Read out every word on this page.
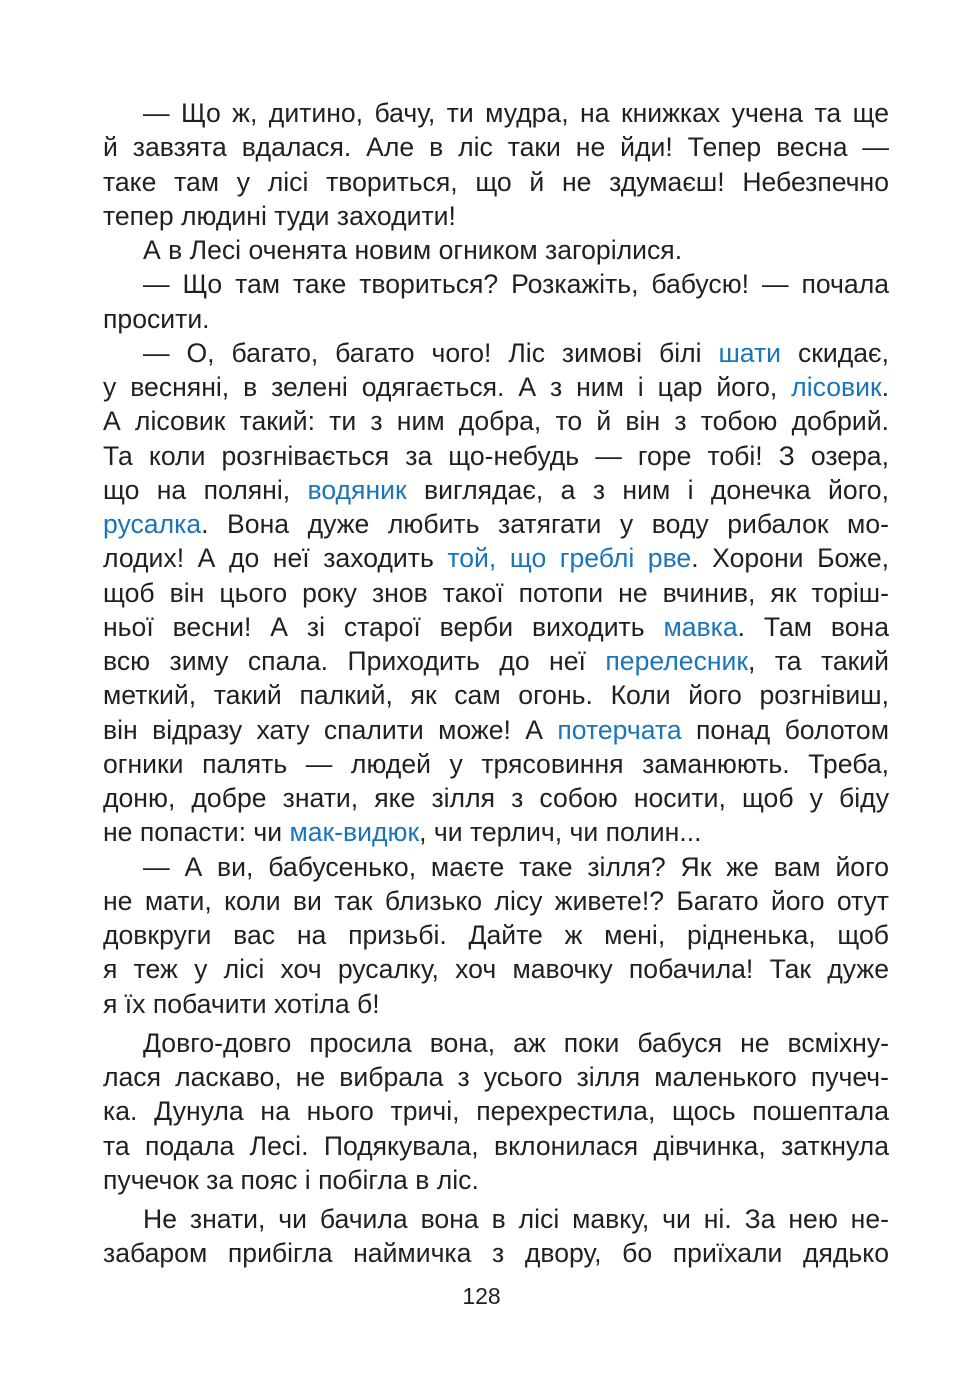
— Що ж, дитино, бачу, ти мудра, на книжках учена та ще
й завзята вдалася. Але в ліс таки не йди! Тепер весна —
таке там у лісі твориться, що й не здумаєш! Небезпечно
тепер людині туди заходити!
А в Лесі оченята новим огником загорілися.
— Що там таке твориться? Розкажіть, бабусю! — почала
просити.
— О, багато, багато чого! Ліс зимові білі шати скидає,
у весняні, в зелені одягається. А з ним і цар його, лісовик.
А лісовик такий: ти з ним добра, то й він з тобою добрий.
Та коли розгнівається за що-небудь — горе тобі! З озера,
що на поляні, водяник виглядає, а з ним і донечка його,
русалка. Вона дуже любить затягати у воду рибалок мо-
лодих! А до неї заходить той, що греблі рве. Хорони Боже,
щоб він цього року знов такої потопи не вчинив, як торіш-
ньої весни! А зі старої верби виходить мавка. Там вона
всю зиму спала. Приходить до неї перелесник, та такий
меткий, такий палкий, як сам огонь. Коли його розгнівиш,
він відразу хату спалити може! А потерчата понад болотом
огники палять — людей у трясовиння заманюють. Треба,
доню, добре знати, яке зілля з собою носити, щоб у біду
не попасти: чи мак-видюк, чи терлич, чи полин...
— А ви, бабусенько, маєте таке зілля? Як же вам його
не мати, коли ви так близько лісу живете!? Багато його отут
довкруги вас на призьбі. Дайте ж мені, рідненька, щоб
я теж у лісі хоч русалку, хоч мавочку побачила! Так дуже
я їх побачити хотіла б!
Довго-довго просила вона, аж поки бабуся не всміхну-
лася ласкаво, не вибрала з усього зілля маленького пучеч-
ка. Дунула на нього тричі, перехрестила, щось пошептала
та подала Лесі. Подякувала, вклонилася дівчинка, заткнула
пучечок за пояс і побігла в ліс.
Не знати, чи бачила вона в лісі мавку, чи ні. За нею не-
забаром прибігла наймичка з двору, бо приїхали дядько
128
